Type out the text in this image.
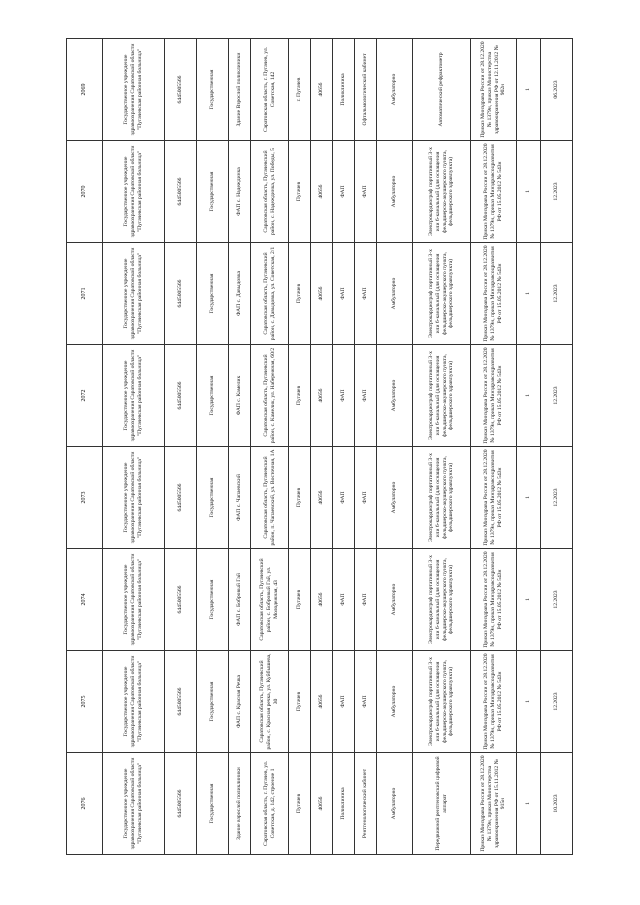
2076	2075	2074	2073	2072	2071	2070	2069
Государственное учреждение здравоохранения Саратовской области "Пугачевская районная больница"	Государственное учреждение здравоохранения Саратовской области "Пугачевская районная больница"	Государственное учреждение здравоохранения Саратовской области "Пугачевская районная больница"	Государственное учреждение здравоохранения Саратовской области "Пугачевская районная больница"	Государственное учреждение здравоохранения Саратовской области "Пугачевская районная больница"	Государственное учреждение здравоохранения Саратовской области "Пугачевская районная больница"	Государственное учреждение здравоохранения Саратовской области "Пугачевская районная больница"	Государственное учреждение здравоохранения Саратовской области "Пугачевская районная больница"
6445005566	6445005566	6445005566	6445005566	6445005566	6445005566	6445005566	6445005566
Государственная	Государственная	Государственная	Государственная	Государственная	Государственная	Государственная	Государственная
Здание взрослой поликлиники	ФАП с. Красная Речка	ФАП с. Бобровый Гай	ФАП с. Чапаевский	ФАП с. Камелик	ФАП с. Давыдовка	ФАП с. Надеждинка	Здание Взрослой поликлиники
Саратовская область, г. Пугачев, ул. Советская, д. 142, строение 1	Саратовская область, Пугачевский район, с. Красная речка, ул. Куйбышева, 30	Саратовская область, Пугачевский район, с. Бобровый Гай, ул. Молодежная, 43	Саратовская область, Пугачевский район, п. Чапаевский, ул. Восточная, 1А	Саратовская область, Пугачевский район, с. Камелик, ул. Набережная, 60/2	Саратовская область, Пугачевский район, с. Давыдовка, ул. Советская, 2/1	Саратовская область, Пугачевский район, с. Надеждинка, ул. Победы, 5	Саратовская область, г. Пугачев, ул. Советская, 142
Пугачев	Пугачев	Пугачев	Пугачев	Пугачев	Пугачев	Пугачев	г. Пугачев
40656	40656	40656	40656	40656	40656	40656	40656
Поликлиника	ФАП	ФАП	ФАП	ФАП	ФАП	ФАП	Поликлиника
Рентгенологический кабинет	ФАП	ФАП	ФАП	ФАП	ФАП	ФАП	Офтальмологический кабинет
Амбулаторно	Амбулаторно	Амбулаторно	Амбулаторно	Амбулаторно	Амбулаторно	Амбулаторно	Амбулаторно
Передвижной рентгеновский цифровой аппарат	Электрокардиограф портативный 3-х или 6-канальный (для оснащения фельдшерско-акушерского пункта, фельдшерского здравпункта)	Электрокардиограф портативный 3-х или 6-канальный (для оснащения фельдшерско-акушерского пункта, фельдшерского здравпункта)	Электрокардиограф портативный 3-х или 6-канальный (для оснащения фельдшерско-акушерского пункта, фельдшерского здравпункта)	Электрокардиограф портативный 3-х или 6-канальный (для оснащения фельдшерско-акушерского пункта, фельдшерского здравпункта)	Электрокардиограф портативный 3-х или 6-канальный (для оснащения фельдшерско-акушерского пункта, фельдшерского здравпункта)	Электрокардиограф портативный 3-х или 6-канальный (для оснащения фельдшерско-акушерского пункта, фельдшерского здравпункта)	Автоматический рефрактометр
Приказ Минздрава России от 28.12.2020 № 1379н, приказ Министерства здравоохранения РФ от 15.11.2012 № 915н	Приказ Минздрава России от 28.12.2020 № 1379н, приказ Минздравсоцразвития РФ от 15.05.2012 № 543н	Приказ Минздрава России от 28.12.2020 № 1379н, приказ Минздравсоцразвития РФ от 15.05.2012 № 543н	Приказ Минздрава России от 28.12.2020 № 1379н, приказ Минздравсоцразвития РФ от 15.05.2012 № 543н	Приказ Минздрава России от 28.12.2020 № 1379н, приказ Минздравсоцразвития РФ от 15.05.2012 № 543н	Приказ Минздрава России от 28.12.2020 № 1379н, приказ Минздравсоцразвития РФ от 15.05.2012 № 543н	Приказ Минздрава России от 28.12.2020 № 1379н, приказ Минздравсоцразвития РФ от 15.05.2012 № 543н	Приказ Минздрава России от 28.12.2020 № 1379н, приказ Министерства здравоохранения РФ от 12.11.2012 № 902н
1	1	1	1	1	1	1	1
10.2023	12.2023	12.2023	12.2023	12.2023	12.2023	12.2023	06.2023
